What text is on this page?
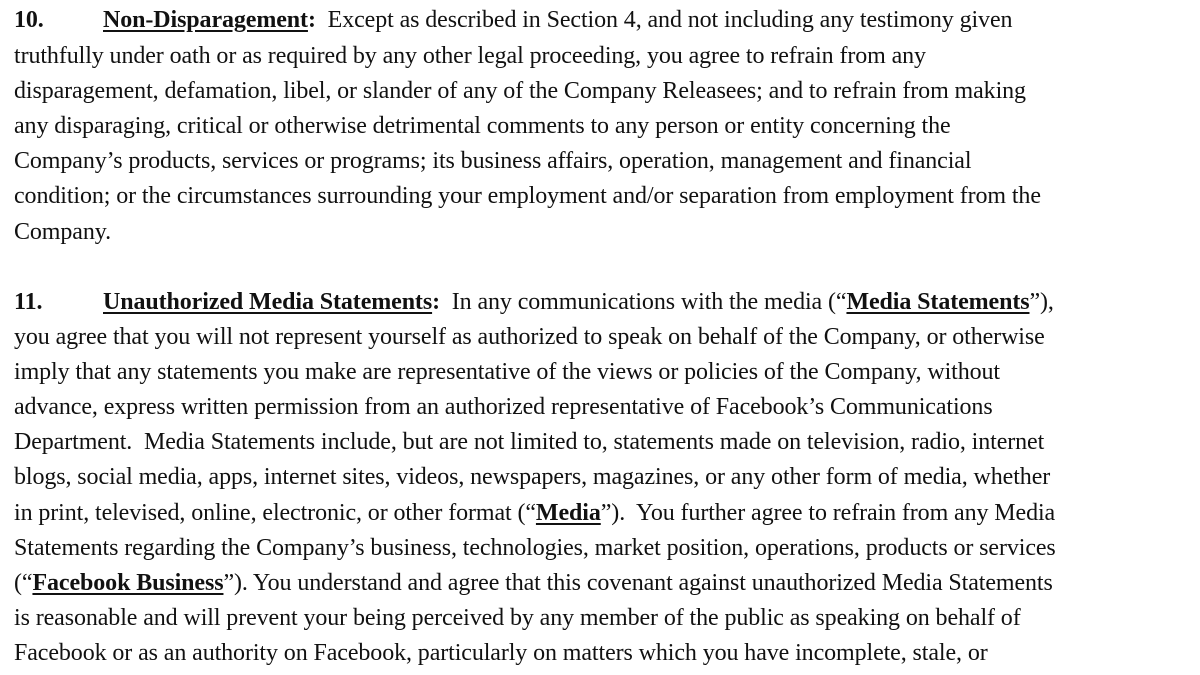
10. Non-Disparagement:  Except as described in Section 4, and not including any testimony given
truthfully under oath or as required by any other legal proceeding, you agree to refrain from any
disparagement, defamation, libel, or slander of any of the Company Releasees; and to refrain from making
any disparaging, critical or otherwise detrimental comments to any person or entity concerning the
Company’s products, services or programs; its business affairs, operation, management and financial
condition; or the circumstances surrounding your employment and/or separation from employment from the
Company.
11.	Unauthorized Media Statements:  In any communications with the media (“Media Statements”),
you agree that you will not represent yourself as authorized to speak on behalf of the Company, or otherwise
imply that any statements you make are representative of the views or policies of the Company, without
advance, express written permission from an authorized representative of Facebook’s Communications
Department.  Media Statements include, but are not limited to, statements made on television, radio, internet
blogs, social media, apps, internet sites, videos, newspapers, magazines, or any other form of media, whether
in print, televised, online, electronic, or other format (“Media”).  You further agree to refrain from any Media
Statements regarding the Company’s business, technologies, market position, operations, products or services
(“Facebook Business”). You understand and agree that this covenant against unauthorized Media Statements
is reasonable and will prevent your being perceived by any member of the public as speaking on behalf of
Facebook or as an authority on Facebook, particularly on matters which you have incomplete, stale, or
